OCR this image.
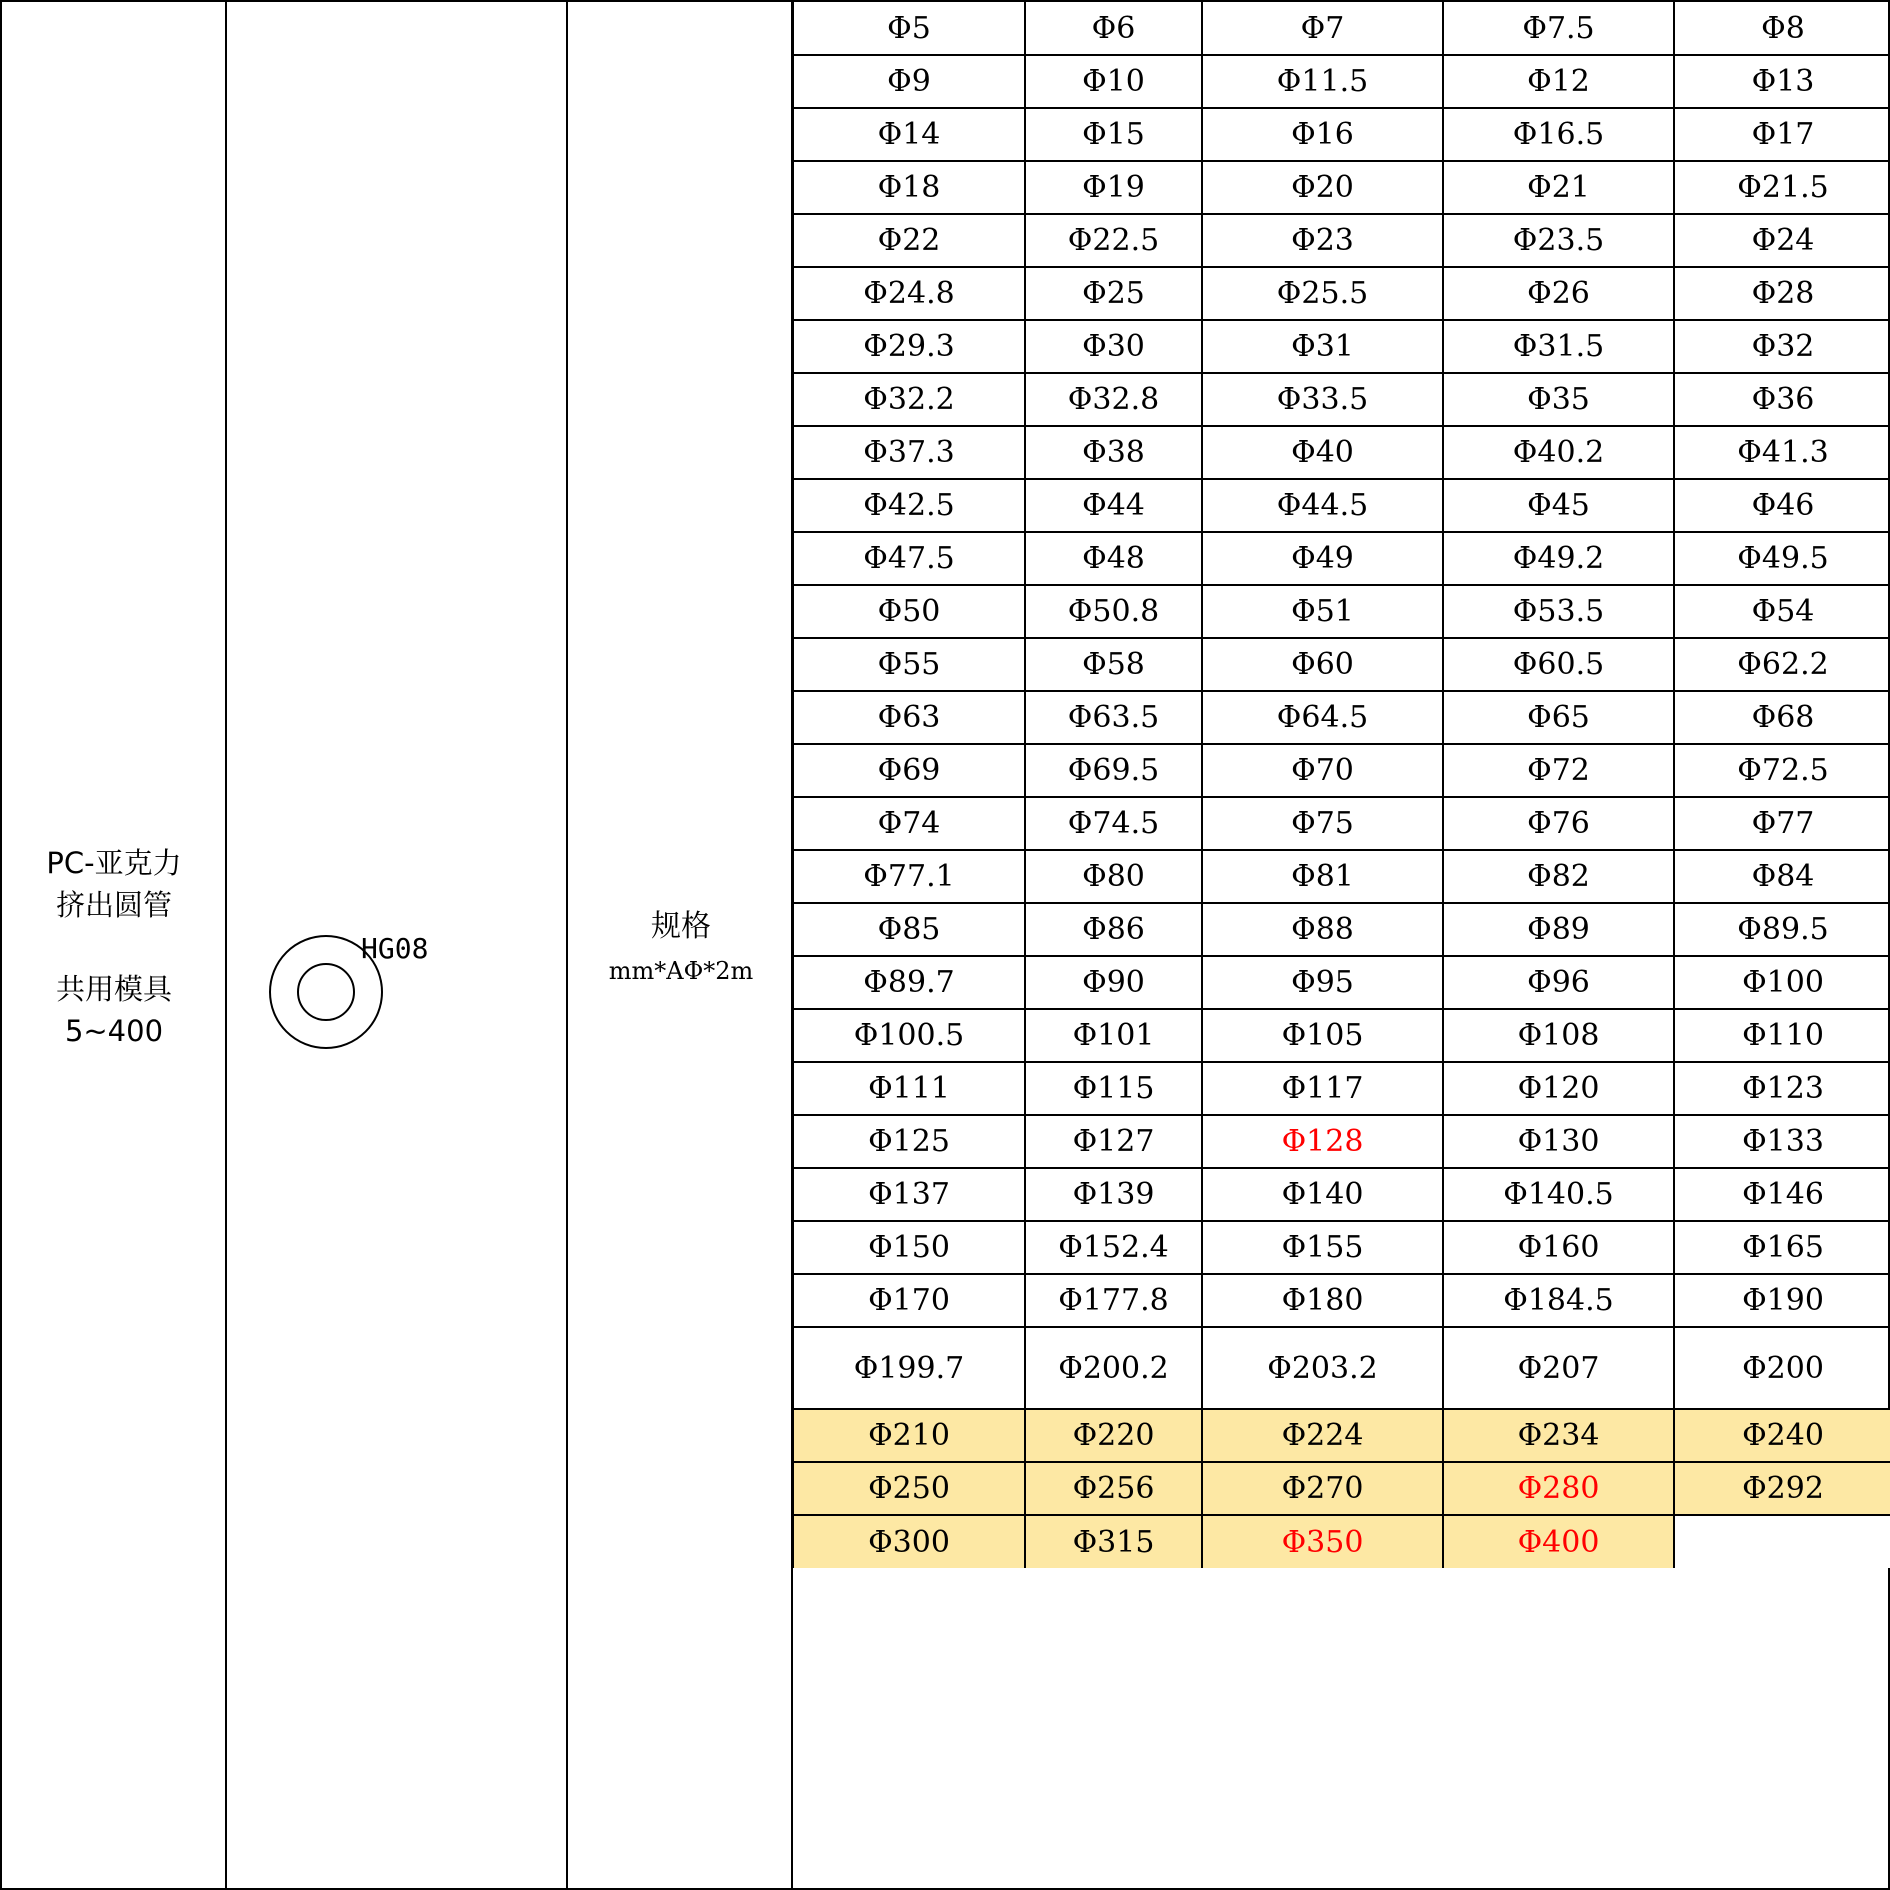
PC-亚克力
挤出圆管
共用模具
5~400
HG08
规格
mm*AΦ*2m
Φ5	Φ6	Φ7	Φ7.5	Φ8
Φ9	Φ10	Φ11.5	Φ12	Φ13
Φ14	Φ15	Φ16	Φ16.5	Φ17
Φ18	Φ19	Φ20	Φ21	Φ21.5
Φ22	Φ22.5	Φ23	Φ23.5	Φ24
Φ24.8	Φ25	Φ25.5	Φ26	Φ28
Φ29.3	Φ30	Φ31	Φ31.5	Φ32
Φ32.2	Φ32.8	Φ33.5	Φ35	Φ36
Φ37.3	Φ38	Φ40	Φ40.2	Φ41.3
Φ42.5	Φ44	Φ44.5	Φ45	Φ46
Φ47.5	Φ48	Φ49	Φ49.2	Φ49.5
Φ50	Φ50.8	Φ51	Φ53.5	Φ54
Φ55	Φ58	Φ60	Φ60.5	Φ62.2
Φ63	Φ63.5	Φ64.5	Φ65	Φ68
Φ69	Φ69.5	Φ70	Φ72	Φ72.5
Φ74	Φ74.5	Φ75	Φ76	Φ77
Φ77.1	Φ80	Φ81	Φ82	Φ84
Φ85	Φ86	Φ88	Φ89	Φ89.5
Φ89.7	Φ90	Φ95	Φ96	Φ100
Φ100.5	Φ101	Φ105	Φ108	Φ110
Φ111	Φ115	Φ117	Φ120	Φ123
Φ125	Φ127	Φ128	Φ130	Φ133
Φ137	Φ139	Φ140	Φ140.5	Φ146
Φ150	Φ152.4	Φ155	Φ160	Φ165
Φ170	Φ177.8	Φ180	Φ184.5	Φ190
Φ199.7	Φ200.2	Φ203.2	Φ207	Φ200
Φ210	Φ220	Φ224	Φ234	Φ240
Φ250	Φ256	Φ270	Φ280	Φ292
Φ300	Φ315	Φ350	Φ400	
